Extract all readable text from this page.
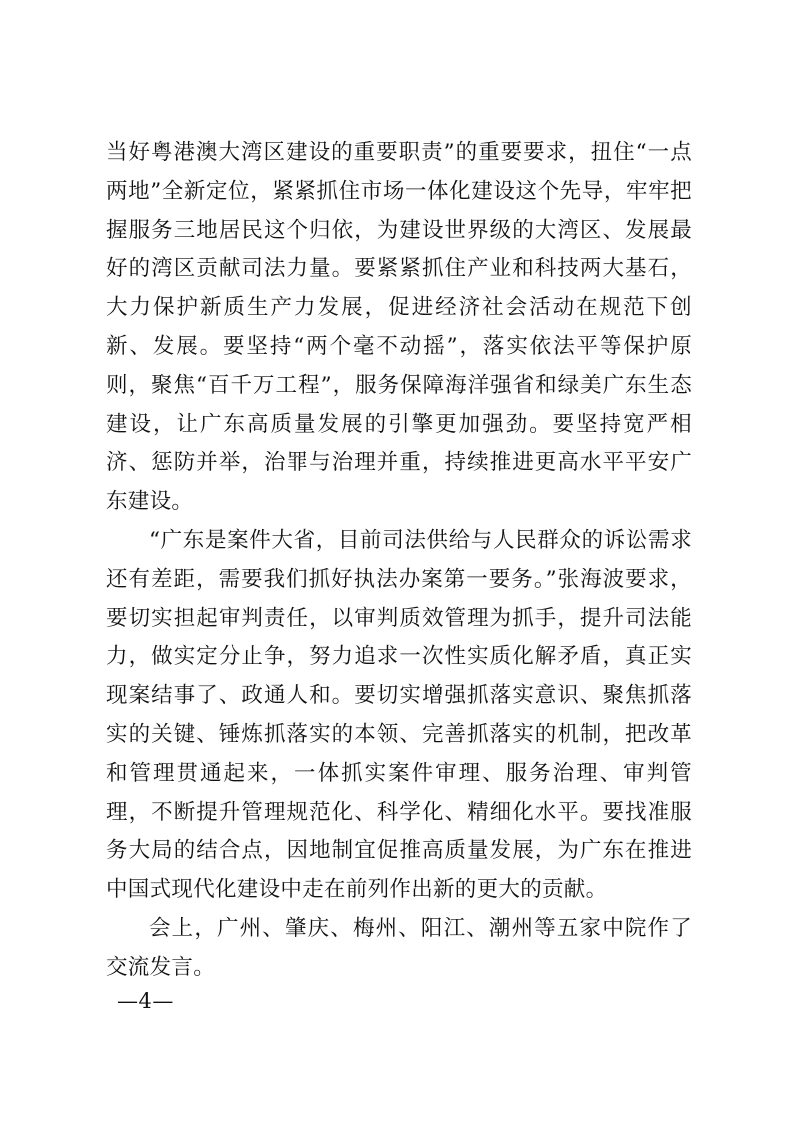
当好粤港澳大湾区建设的重要职责”的重要要求，扭住“一点两地”全新定位，紧紧抓住市场一体化建设这个先导，牢牢把握服务三地居民这个归依，为建设世界级的大湾区、发展最好的湾区贡献司法力量。要紧紧抓住产业和科技两大基石，大力保护新质生产力发展，促进经济社会活动在规范下创新、发展。要坚持“两个毫不动摇”，落实依法平等保护原则，聚焦“百千万工程”，服务保障海洋强省和绿美广东生态建设，让广东高质量发展的引擎更加强劲。要坚持宽严相济、惩防并举，治罪与治理并重，持续推进更高水平平安广东建设。

“广东是案件大省，目前司法供给与人民群众的诉讼需求还有差距，需要我们抓好执法办案第一要务。”张海波要求，要切实担起审判责任，以审判质效管理为抓手，提升司法能力，做实定分止争，努力追求一次性实质化解矛盾，真正实现案结事了、政通人和。要切实增强抓落实意识、聚焦抓落实的关键、锤炼抓落实的本领、完善抓落实的机制，把改革和管理贯通起来，一体抓实案件审理、服务治理、审判管理，不断提升管理规范化、科学化、精细化水平。要找准服务大局的结合点，因地制宜促推高质量发展，为广东在推进中国式现代化建设中走在前列作出新的更大的贡献。

会上，广州、肇庆、梅州、阳江、潮州等五家中院作了交流发言。

—4—
